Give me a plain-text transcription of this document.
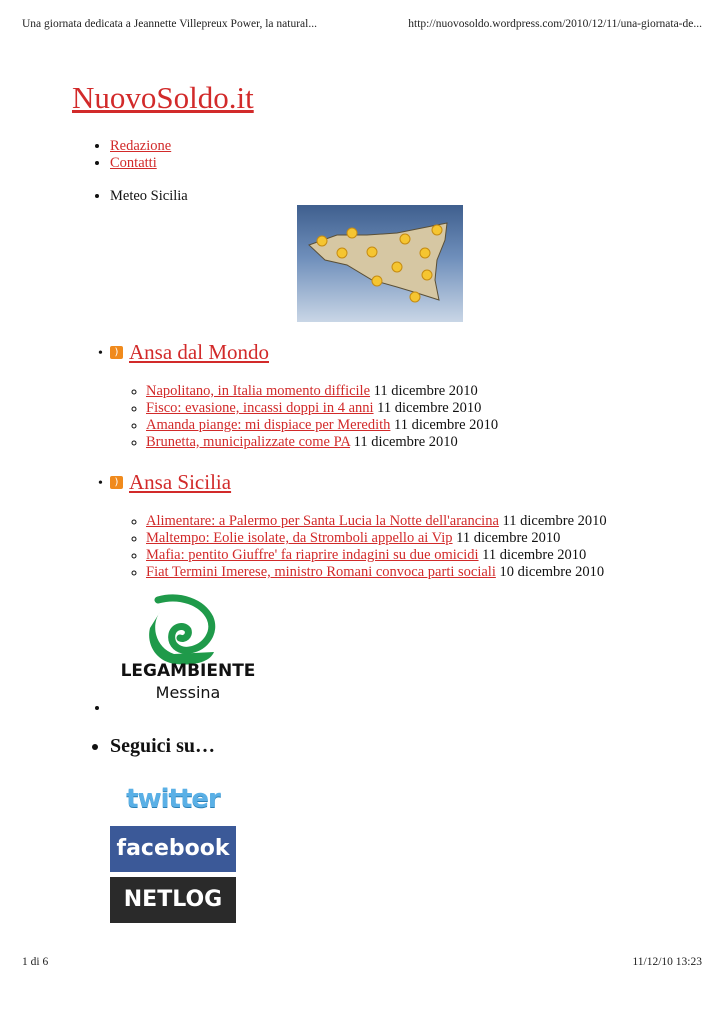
Una giornata dedicata a Jeannette Villepreux Power, la natural...	http://nuovosoldo.wordpress.com/2010/12/11/una-giornata-de...
NuovoSoldo.it
• Redazione
• Contatti
• Meteo Sicilia
• ) Ansa dal Mondo
◦ Napolitano, in Italia momento difficile 11 dicembre 2010
◦ Fisco: evasione, incassi doppi in 4 anni 11 dicembre 2010
◦ Amanda piange: mi dispiace per Meredith 11 dicembre 2010
◦ Brunetta, municipalizzate come PA 11 dicembre 2010
• ) Ansa Sicilia
◦ Alimentare: a Palermo per Santa Lucia la Notte dell'arancina 11 dicembre 2010
◦ Maltempo: Eolie isolate, da Stromboli appello ai Vip 11 dicembre 2010
◦ Mafia: pentito Giuffre' fa riaprire indagini su due omicidi 11 dicembre 2010
◦ Fiat Termini Imerese, ministro Romani convoca parti sociali 10 dicembre 2010
LEGAMBIENTE
Messina
•
• Seguici su…
twitter
facebook
NETLOG
1 di 6	11/12/10 13:23
